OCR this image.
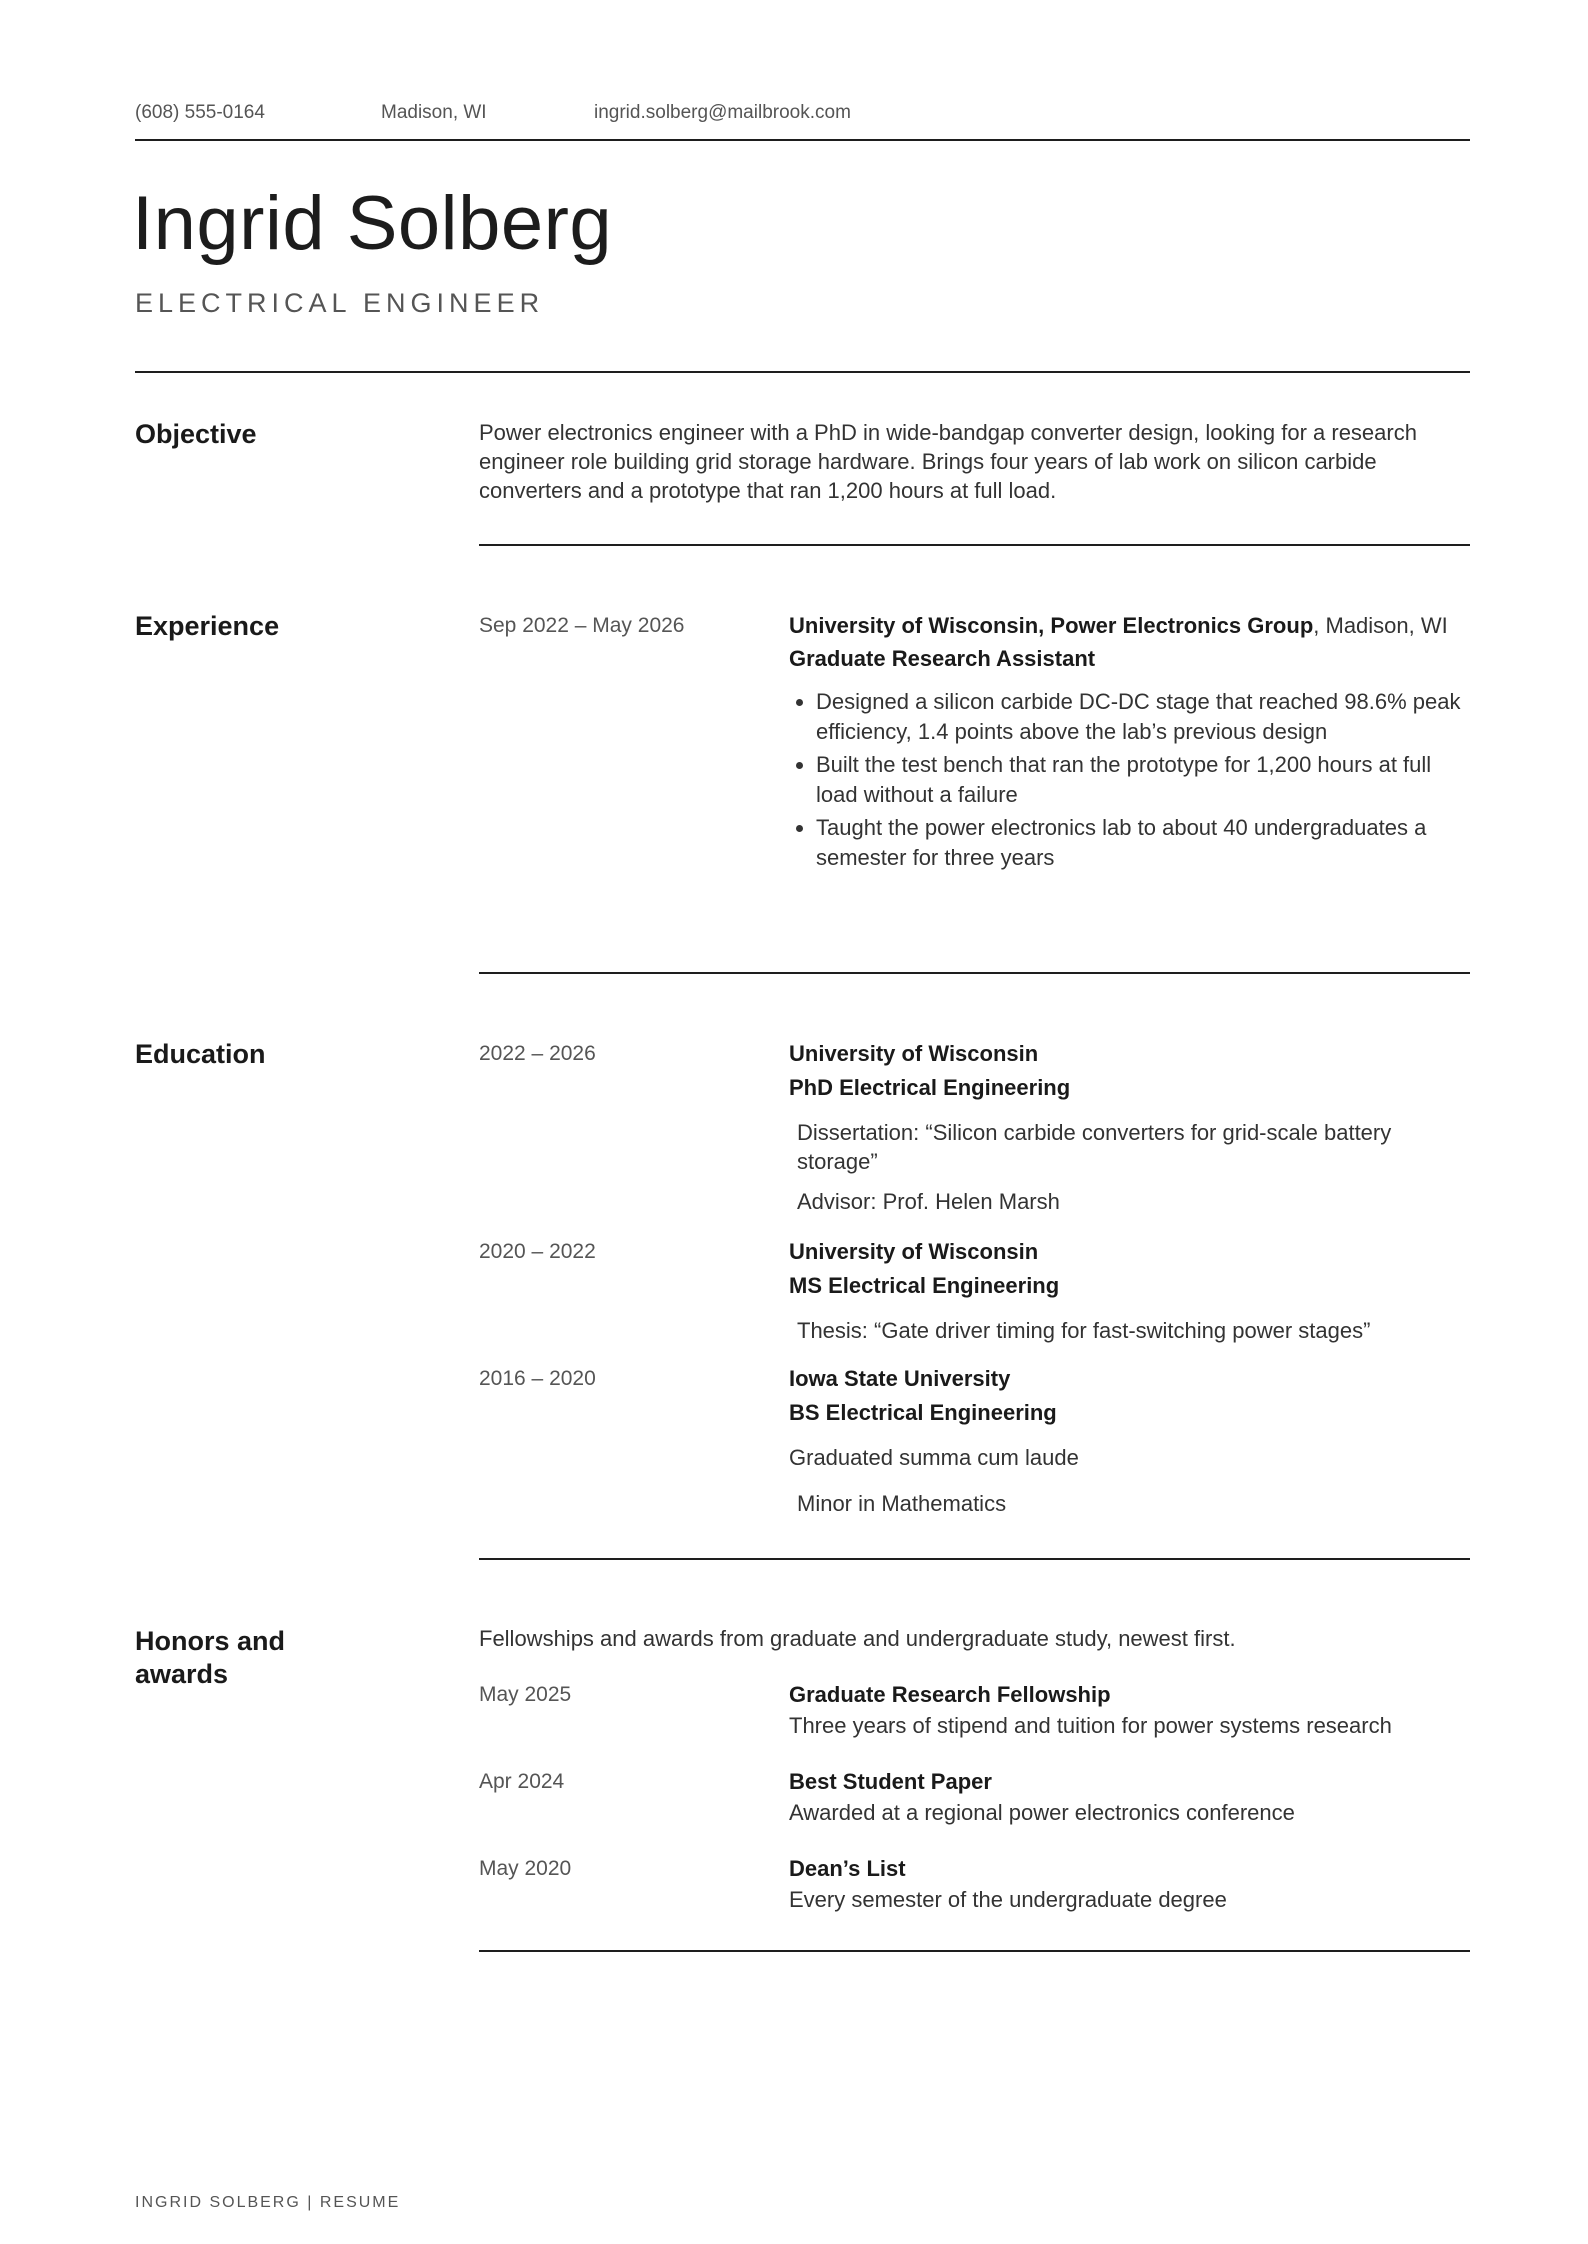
(608) 555-0164	Madison, WI	ingrid.solberg@mailbrook.com
Ingrid Solberg
ELECTRICAL ENGINEER
Objective	Power electronics engineer with a PhD in wide-bandgap converter design, looking for a research engineer role building grid storage hardware. Brings four years of lab work on silicon carbide converters and a prototype that ran 1,200 hours at full load.
Experience	Sep 2022 – May 2026	University of Wisconsin, Power Electronics Group, Madison, WI
Graduate Research Assistant
• Designed a silicon carbide DC-DC stage that reached 98.6% peak efficiency, 1.4 points above the lab’s previous design
• Built the test bench that ran the prototype for 1,200 hours at full load without a failure
• Taught the power electronics lab to about 40 undergraduates a semester for three years
Education	2022 – 2026	University of Wisconsin
PhD Electrical Engineering
Dissertation: “Silicon carbide converters for grid-scale battery storage”
Advisor: Prof. Helen Marsh
2020 – 2022	University of Wisconsin
MS Electrical Engineering
Thesis: “Gate driver timing for fast-switching power stages”
2016 – 2020	Iowa State University
BS Electrical Engineering
Graduated summa cum laude
Minor in Mathematics
Honors and awards
Fellowships and awards from graduate and undergraduate study, newest first.
May 2025	Graduate Research Fellowship
Three years of stipend and tuition for power systems research
Apr 2024	Best Student Paper
Awarded at a regional power electronics conference
May 2020	Dean’s List
Every semester of the undergraduate degree
INGRID SOLBERG | RESUME
